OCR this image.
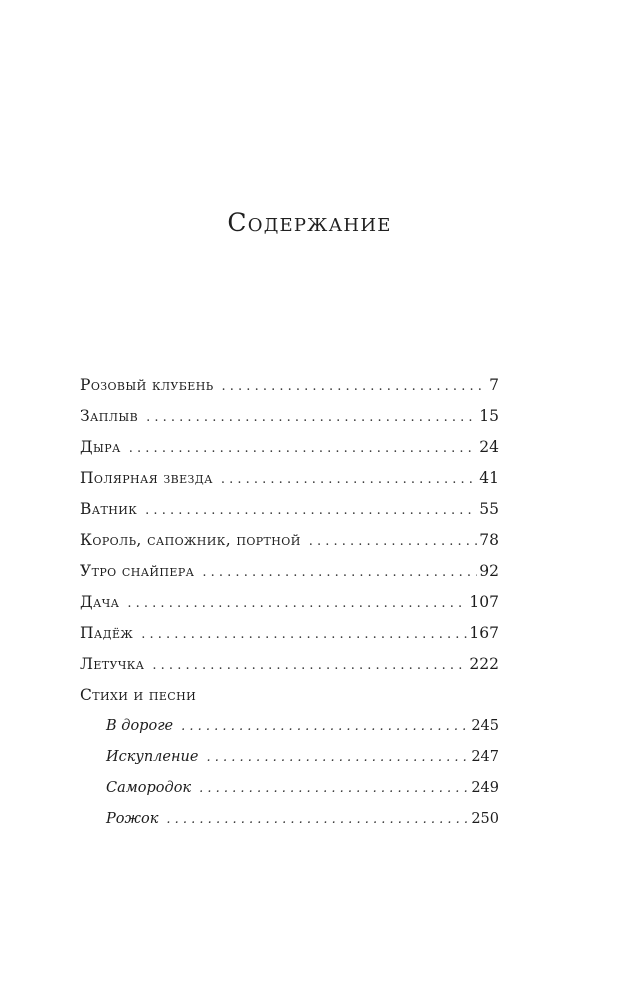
Содержание
Розовый клубень . . .	7
Заплыв . . .	15
Дыра . . .	24
Полярная звезда . . .	41
Ватник . . .	55
Король, сапожник, портной . . .	78
Утро снайпера . . .	92
Дача . . .	107
Падёж . . .	167
Летучка . . .	222
Стихи и песни
В дороге . . .	245
Искупление . . .	247
Самородок . . .	249
Рожок . . .	250
